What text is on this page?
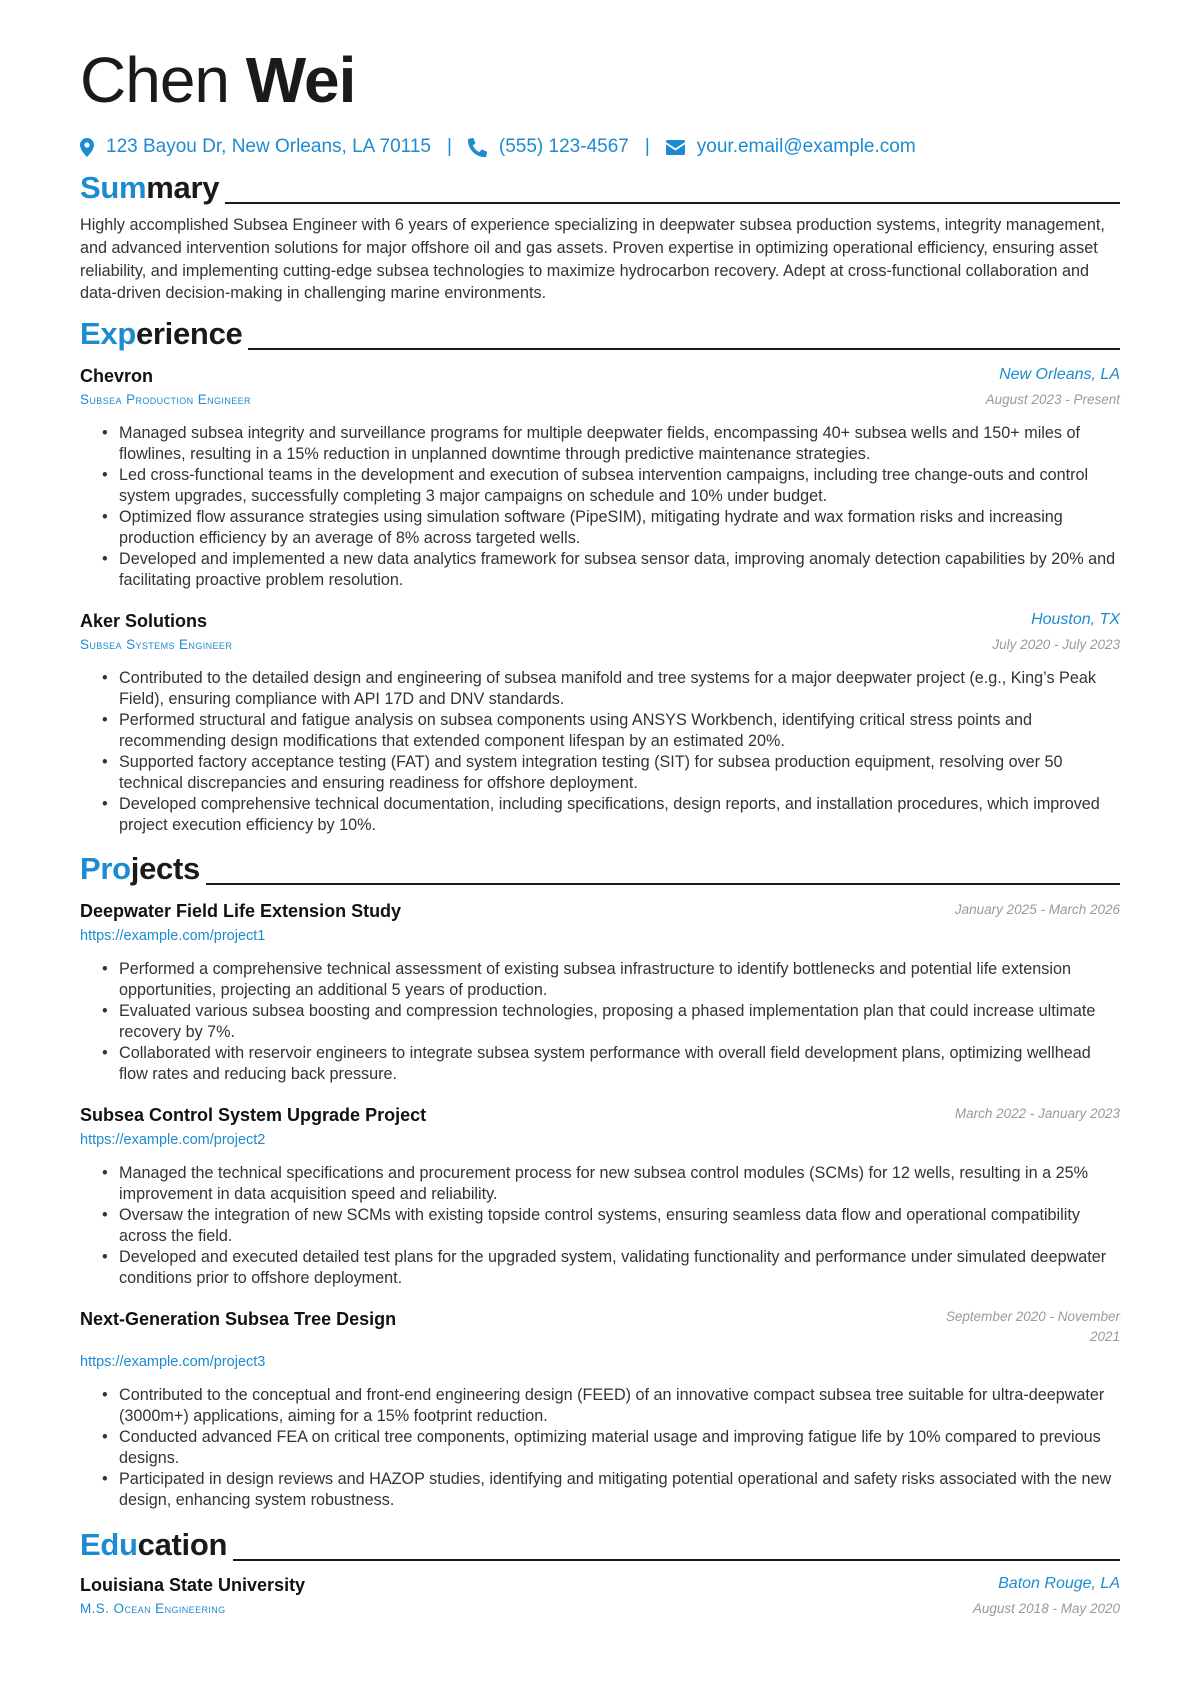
Chen Wei
123 Bayou Dr, New Orleans, LA 70115 | (555) 123-4567 | your.email@example.com
Summary
Highly accomplished Subsea Engineer with 6 years of experience specializing in deepwater subsea production systems, integrity management, and advanced intervention solutions for major offshore oil and gas assets. Proven expertise in optimizing operational efficiency, ensuring asset reliability, and implementing cutting-edge subsea technologies to maximize hydrocarbon recovery. Adept at cross-functional collaboration and data-driven decision-making in challenging marine environments.
Experience
Chevron	New Orleans, LA
Subsea Production Engineer	August 2023 - Present
• Managed subsea integrity and surveillance programs for multiple deepwater fields, encompassing 40+ subsea wells and 150+ miles of flowlines, resulting in a 15% reduction in unplanned downtime through predictive maintenance strategies.
• Led cross-functional teams in the development and execution of subsea intervention campaigns, including tree change-outs and control system upgrades, successfully completing 3 major campaigns on schedule and 10% under budget.
• Optimized flow assurance strategies using simulation software (PipeSIM), mitigating hydrate and wax formation risks and increasing production efficiency by an average of 8% across targeted wells.
• Developed and implemented a new data analytics framework for subsea sensor data, improving anomaly detection capabilities by 20% and facilitating proactive problem resolution.
Aker Solutions	Houston, TX
Subsea Systems Engineer	July 2020 - July 2023
• Contributed to the detailed design and engineering of subsea manifold and tree systems for a major deepwater project (e.g., King’s Peak Field), ensuring compliance with API 17D and DNV standards.
• Performed structural and fatigue analysis on subsea components using ANSYS Workbench, identifying critical stress points and recommending design modifications that extended component lifespan by an estimated 20%.
• Supported factory acceptance testing (FAT) and system integration testing (SIT) for subsea production equipment, resolving over 50 technical discrepancies and ensuring readiness for offshore deployment.
• Developed comprehensive technical documentation, including specifications, design reports, and installation procedures, which improved project execution efficiency by 10%.
Projects
Deepwater Field Life Extension Study	January 2025 - March 2026
https://example.com/project1
• Performed a comprehensive technical assessment of existing subsea infrastructure to identify bottlenecks and potential life extension opportunities, projecting an additional 5 years of production.
• Evaluated various subsea boosting and compression technologies, proposing a phased implementation plan that could increase ultimate recovery by 7%.
• Collaborated with reservoir engineers to integrate subsea system performance with overall field development plans, optimizing wellhead flow rates and reducing back pressure.
Subsea Control System Upgrade Project	March 2022 - January 2023
https://example.com/project2
• Managed the technical specifications and procurement process for new subsea control modules (SCMs) for 12 wells, resulting in a 25% improvement in data acquisition speed and reliability.
• Oversaw the integration of new SCMs with existing topside control systems, ensuring seamless data flow and operational compatibility across the field.
• Developed and executed detailed test plans for the upgraded system, validating functionality and performance under simulated deepwater conditions prior to offshore deployment.
Next-Generation Subsea Tree Design	September 2020 - November 2021
https://example.com/project3
• Contributed to the conceptual and front-end engineering design (FEED) of an innovative compact subsea tree suitable for ultra-deepwater (3000m+) applications, aiming for a 15% footprint reduction.
• Conducted advanced FEA on critical tree components, optimizing material usage and improving fatigue life by 10% compared to previous designs.
• Participated in design reviews and HAZOP studies, identifying and mitigating potential operational and safety risks associated with the new design, enhancing system robustness.
Education
Louisiana State University	Baton Rouge, LA
M.S. Ocean Engineering	August 2018 - May 2020
